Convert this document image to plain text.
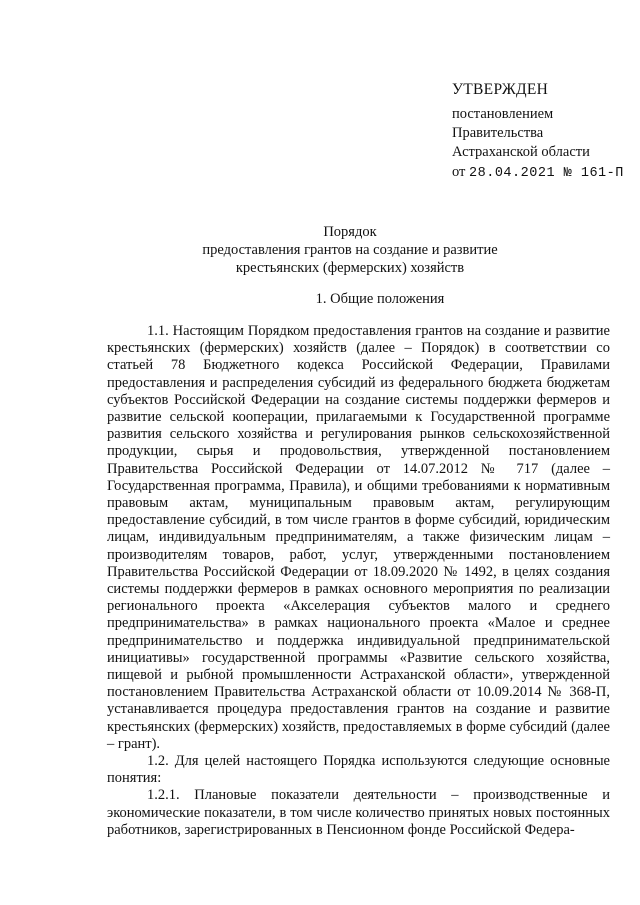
УТВЕРЖДЕН
постановлением
Правительства
Астраханской области
от 28.04.2021 № 161-П
Порядок
предоставления грантов на создание и развитие
крестьянских (фермерских) хозяйств
1. Общие положения

1.1. Настоящим Порядком предоставления грантов на создание и развитие крестьянских (фермерских) хозяйств (далее – Порядок) в соответствии со статьей 78 Бюджетного кодекса Российской Федерации, Правилами предоставления и распределения субсидий из федерального бюджета бюджетам субъектов Российской Федерации на создание системы поддержки фермеров и развитие сельской кооперации, прилагаемыми к Государственной программе развития сельского хозяйства и регулирования рынков сельскохозяйственной продукции, сырья и продовольствия, утвержденной постановлением Правительства Российской Федерации от 14.07.2012 № 717 (далее – Государственная программа, Правила), и общими требованиями к нормативным правовым актам, муниципальным правовым актам, регулирующим предоставление субсидий, в том числе грантов в форме субсидий, юридическим лицам, индивидуальным предпринимателям, а также физическим лицам – производителям товаров, работ, услуг, утвержденными постановлением Правительства Российской Федерации от 18.09.2020 № 1492, в целях создания системы поддержки фермеров в рамках основного мероприятия по реализации регионального проекта «Акселерация субъектов малого и среднего предпринимательства» в рамках национального проекта «Малое и среднее предпринимательство и поддержка индивидуальной предпринимательской инициативы» государственной программы «Развитие сельского хозяйства, пищевой и рыбной промышленности Астраханской области», утвержденной постановлением Правительства Астраханской области от 10.09.2014 № 368-П, устанавливается процедура предоставления грантов на создание и развитие крестьянских (фермерских) хозяйств, предоставляемых в форме субсидий (далее – грант).

1.2. Для целей настоящего Порядка используются следующие основные понятия:

1.2.1. Плановые показатели деятельности – производственные и экономические показатели, в том числе количество принятых новых постоянных работников, зарегистрированных в Пенсионном фонде Российской Федера-
